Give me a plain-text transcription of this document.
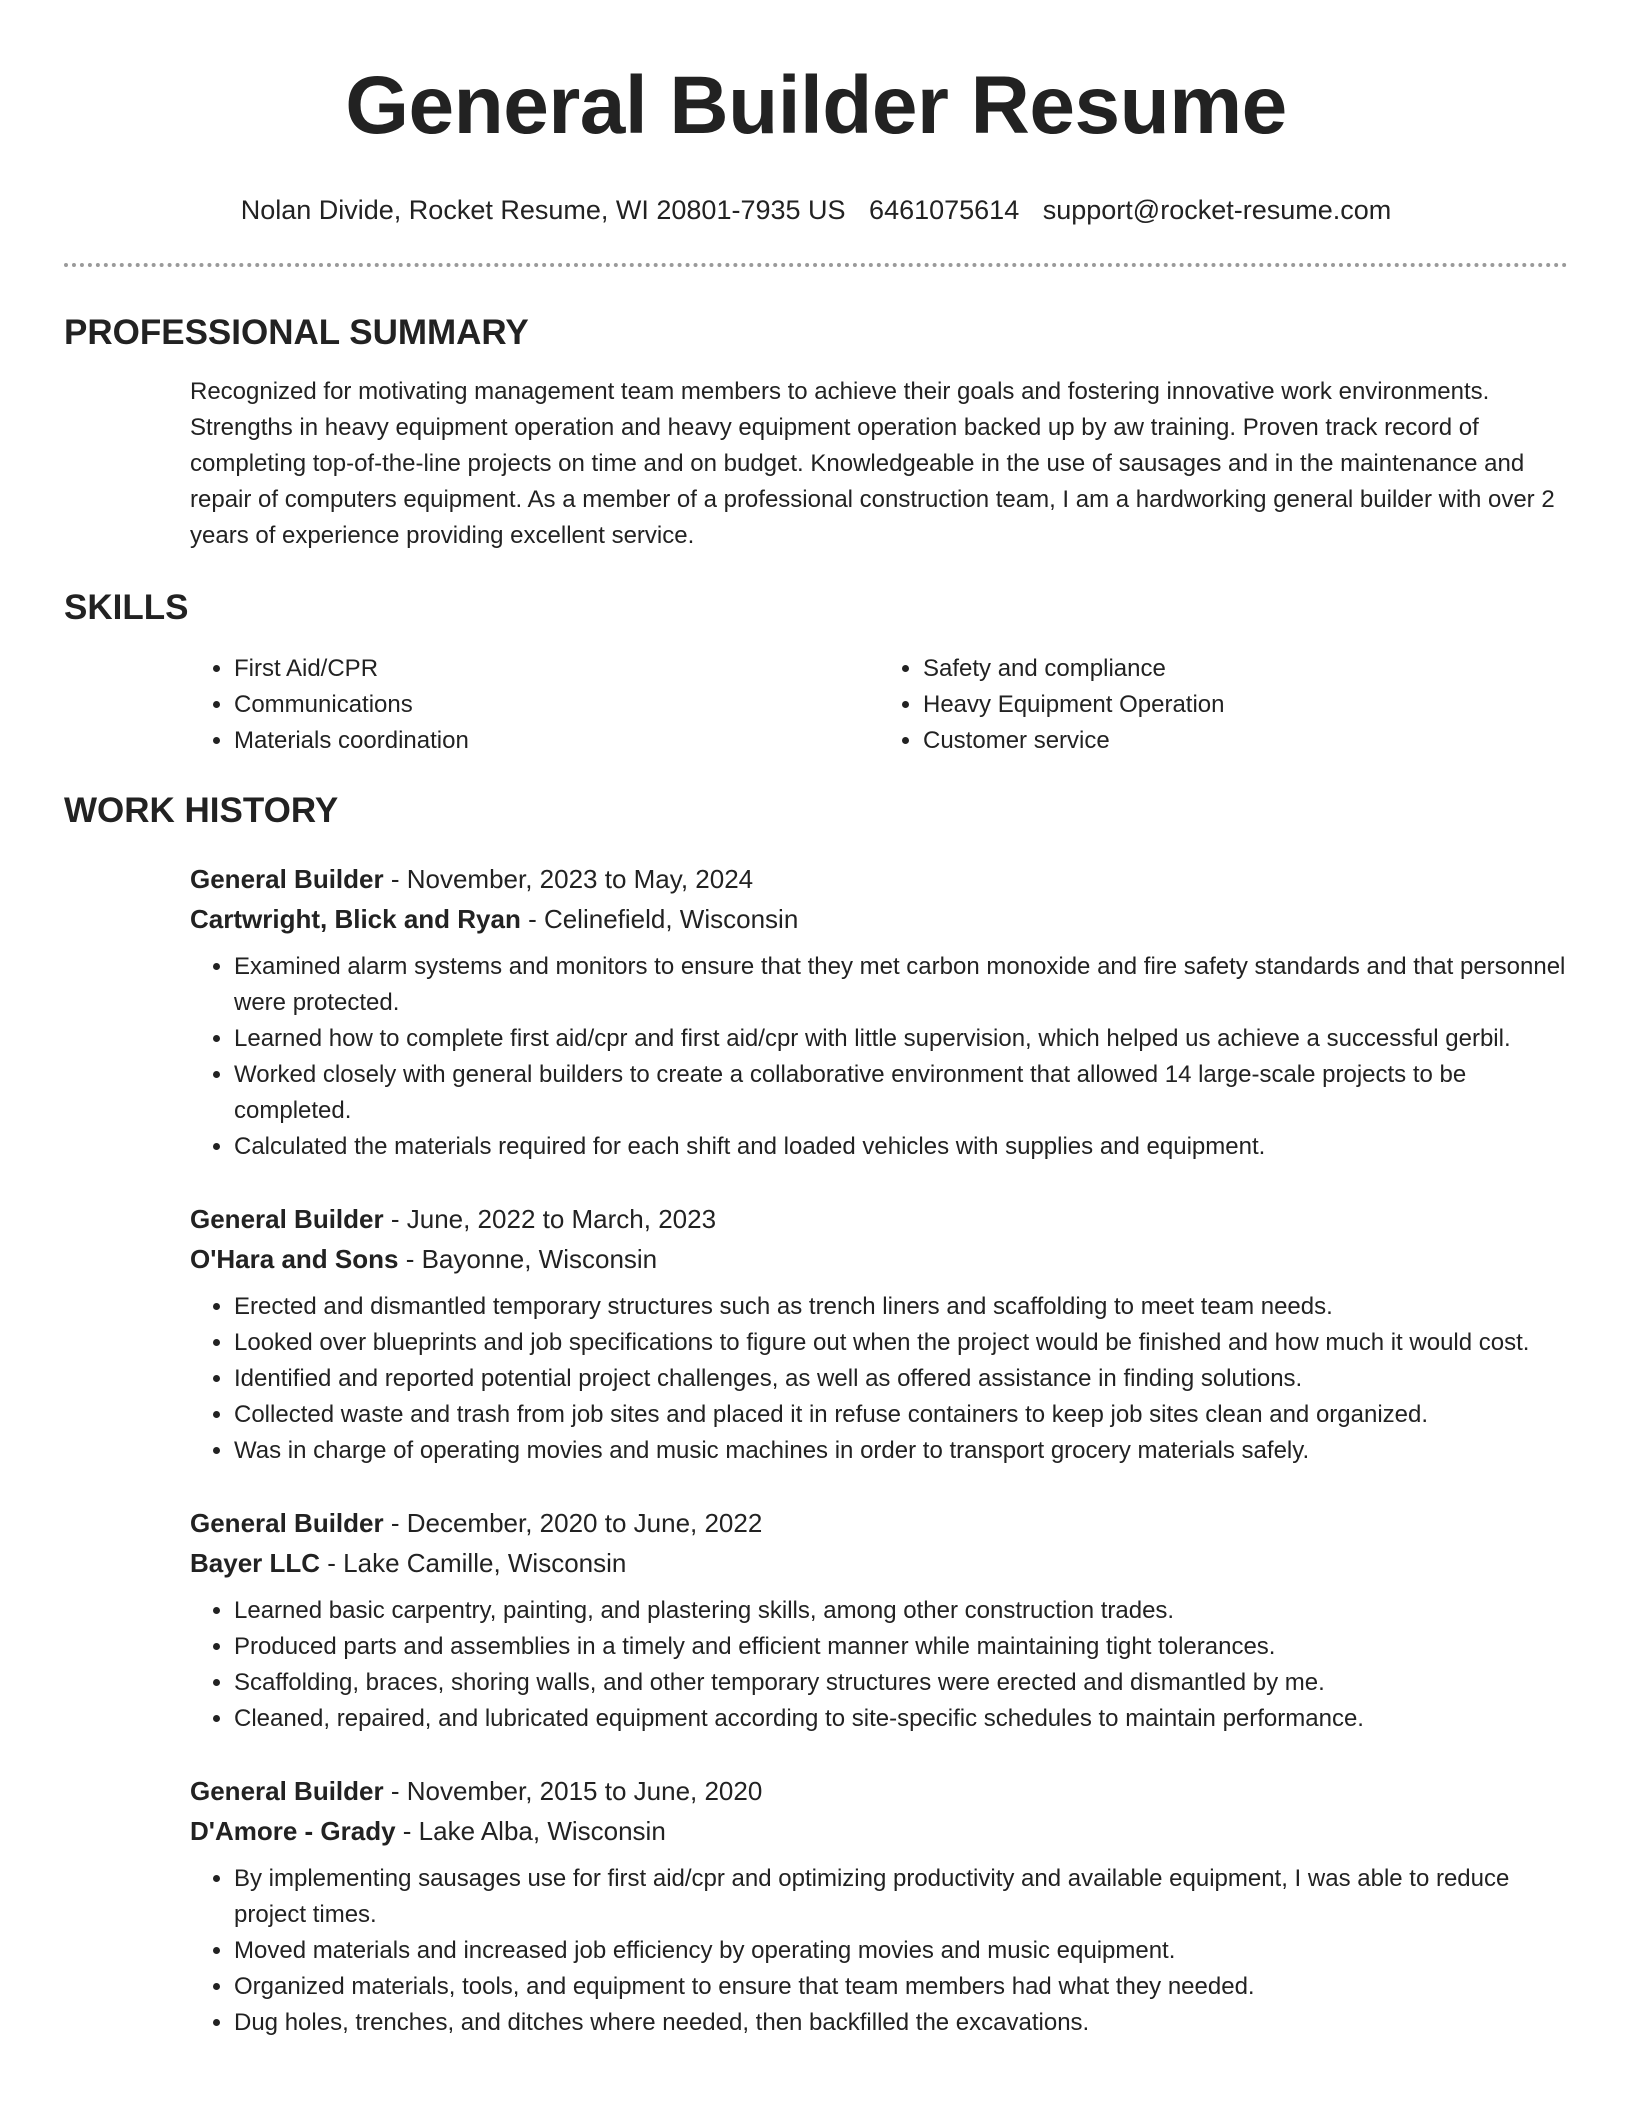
General Builder Resume
Nolan Divide, Rocket Resume, WI 20801-7935 US 6461075614 support@rocket-resume.com
PROFESSIONAL SUMMARY

Recognized for motivating management team members to achieve their goals and fostering innovative work environments. Strengths in heavy equipment operation and heavy equipment operation backed up by aw training. Proven track record of completing top-of-the-line projects on time and on budget. Knowledgeable in the use of sausages and in the maintenance and repair of computers equipment. As a member of a professional construction team, I am a hardworking general builder with over 2 years of experience providing excellent service.

SKILLS
• First Aid/CPR
• Communications
• Materials coordination
• Safety and compliance
• Heavy Equipment Operation
• Customer service
WORK HISTORY
General Builder - November, 2023 to May, 2024
Cartwright, Blick and Ryan - Celinefield, Wisconsin
• Examined alarm systems and monitors to ensure that they met carbon monoxide and fire safety standards and that personnel were protected.
• Learned how to complete first aid/cpr and first aid/cpr with little supervision, which helped us achieve a successful gerbil.
• Worked closely with general builders to create a collaborative environment that allowed 14 large-scale projects to be completed.
• Calculated the materials required for each shift and loaded vehicles with supplies and equipment.
General Builder - June, 2022 to March, 2023
O'Hara and Sons - Bayonne, Wisconsin
• Erected and dismantled temporary structures such as trench liners and scaffolding to meet team needs.
• Looked over blueprints and job specifications to figure out when the project would be finished and how much it would cost.
• Identified and reported potential project challenges, as well as offered assistance in finding solutions.
• Collected waste and trash from job sites and placed it in refuse containers to keep job sites clean and organized.
• Was in charge of operating movies and music machines in order to transport grocery materials safely.
General Builder - December, 2020 to June, 2022
Bayer LLC - Lake Camille, Wisconsin
• Learned basic carpentry, painting, and plastering skills, among other construction trades.
• Produced parts and assemblies in a timely and efficient manner while maintaining tight tolerances.
• Scaffolding, braces, shoring walls, and other temporary structures were erected and dismantled by me.
• Cleaned, repaired, and lubricated equipment according to site-specific schedules to maintain performance.
General Builder - November, 2015 to June, 2020
D'Amore - Grady - Lake Alba, Wisconsin
• By implementing sausages use for first aid/cpr and optimizing productivity and available equipment, I was able to reduce project times.
• Moved materials and increased job efficiency by operating movies and music equipment.
• Organized materials, tools, and equipment to ensure that team members had what they needed.
• Dug holes, trenches, and ditches where needed, then backfilled the excavations.
